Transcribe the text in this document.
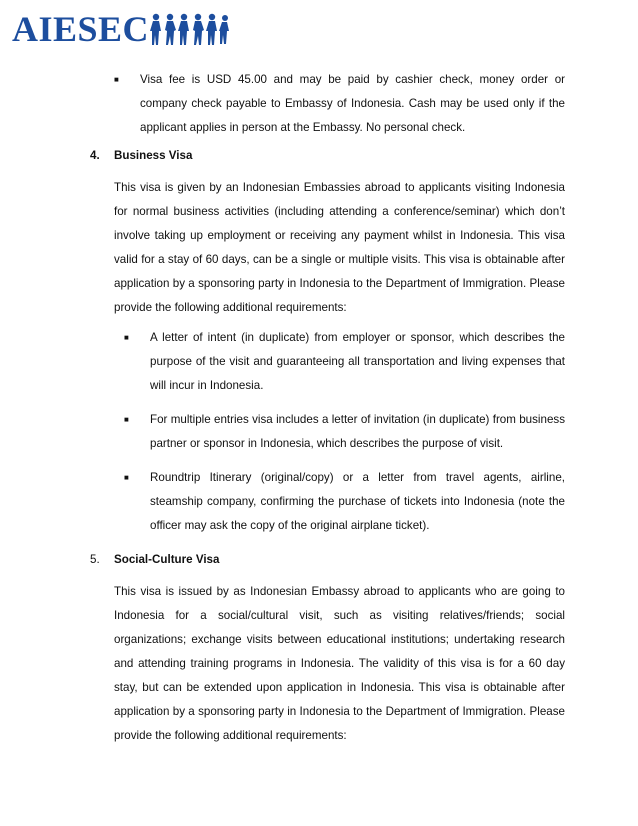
AIESEC
■	Visa fee is USD 45.00 and may be paid by cashier check, money order or company check payable to Embassy of Indonesia. Cash may be used only if the applicant applies in person at the Embassy. No personal check.
4.	Business Visa
This visa is given by an Indonesian Embassies abroad to applicants visiting Indonesia for normal business activities (including attending a conference/seminar) which don’t involve taking up employment or receiving any payment whilst in Indonesia. This visa valid for a stay of 60 days, can be a single or multiple visits. This visa is obtainable after application by a sponsoring party in Indonesia to the Department of Immigration. Please provide the following additional requirements:
■	A letter of intent (in duplicate) from employer or sponsor, which describes the purpose of the visit and guaranteeing all transportation and living expenses that will incur in Indonesia.
■	For multiple entries visa includes a letter of invitation (in duplicate) from business partner or sponsor in Indonesia, which describes the purpose of visit.
■	Roundtrip Itinerary (original/copy) or a letter from travel agents, airline, steamship company, confirming the purchase of tickets into Indonesia (note the officer may ask the copy of the original airplane ticket).
5.	Social-Culture Visa
This visa is issued by as Indonesian Embassy abroad to applicants who are going to Indonesia for a social/cultural visit, such as visiting relatives/friends; social organizations; exchange visits between educational institutions; undertaking research and attending training programs in Indonesia. The validity of this visa is for a 60 day stay, but can be extended upon application in Indonesia. This visa is obtainable after application by a sponsoring party in Indonesia to the Department of Immigration. Please provide the following additional requirements:
